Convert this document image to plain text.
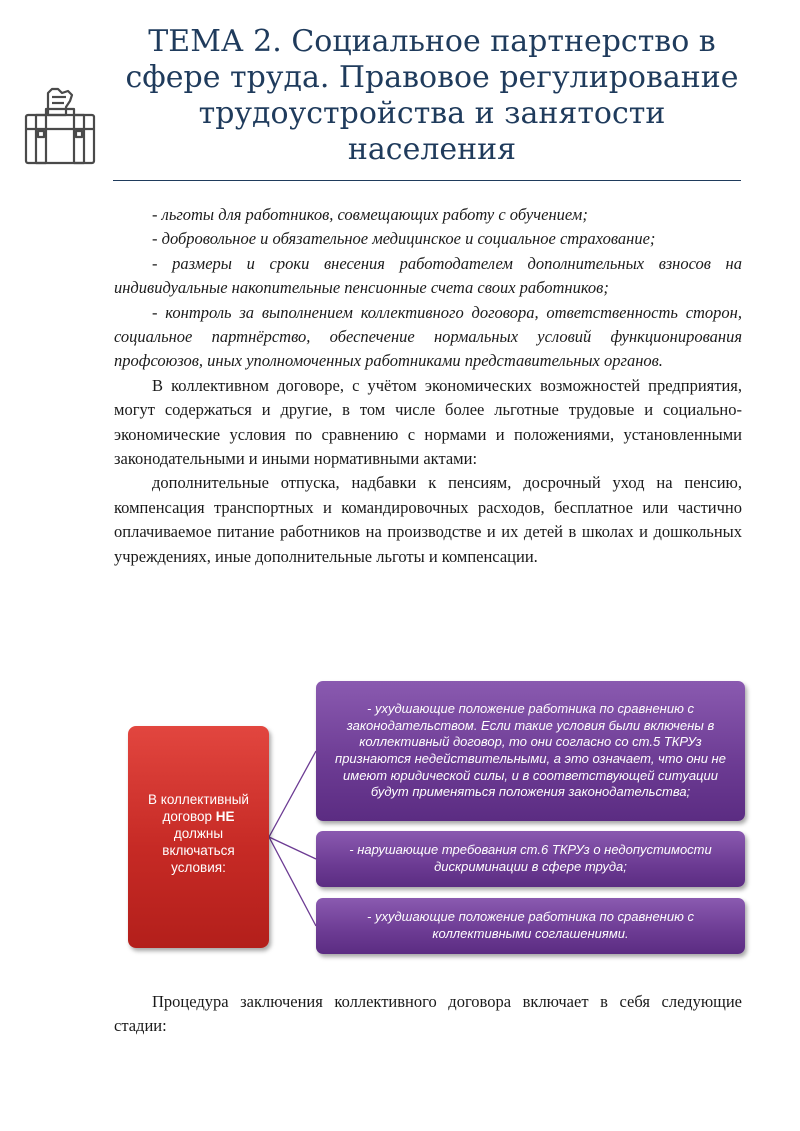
ТЕМА 2. Социальное партнерство в сфере труда. Правовое регулирование трудоустройства и занятости населения

- льготы для работников, совмещающих работу с обучением;

- добровольное и обязательное медицинское и социальное страхование;

- размеры и сроки внесения работодателем дополнительных взносов на индивидуальные накопительные пенсионные счета своих работников;

- контроль за выполнением коллективного договора, ответственность сторон, социальное партнёрство, обеспечение нормальных условий функционирования профсоюзов, иных уполномоченных работниками представительных органов.

В коллективном договоре, с учётом экономических возможностей предприятия, могут содержаться и другие, в том числе более льготные трудовые и социально-экономические условия по сравнению с нормами и положениями, установленными законодательными и иными нормативными актами:

дополнительные отпуска, надбавки к пенсиям, досрочный уход на пенсию, компенсация транспортных и командировочных расходов, бесплатное или частично оплачиваемое питание работников на производстве и их детей в школах и дошкольных учреждениях, иные дополнительные льготы и компенсации.

В коллективный договор НЕ должны включаться условия:
- ухудшающие положение работника по сравнению с законодательством. Если такие условия были включены в коллективный договор, то они согласно со ст.5 ТКРУз признаются недействительными, а это означает, что они не имеют юридической силы, и в соответствующей ситуации будут применяться положения законодательства;
- нарушающие требования ст.6 ТКРУз о недопустимости дискриминации в сфере труда;
- ухудшающие положение работника по сравнению с коллективными соглашениями.

Процедура заключения коллективного договора включает в себя следующие стадии:
